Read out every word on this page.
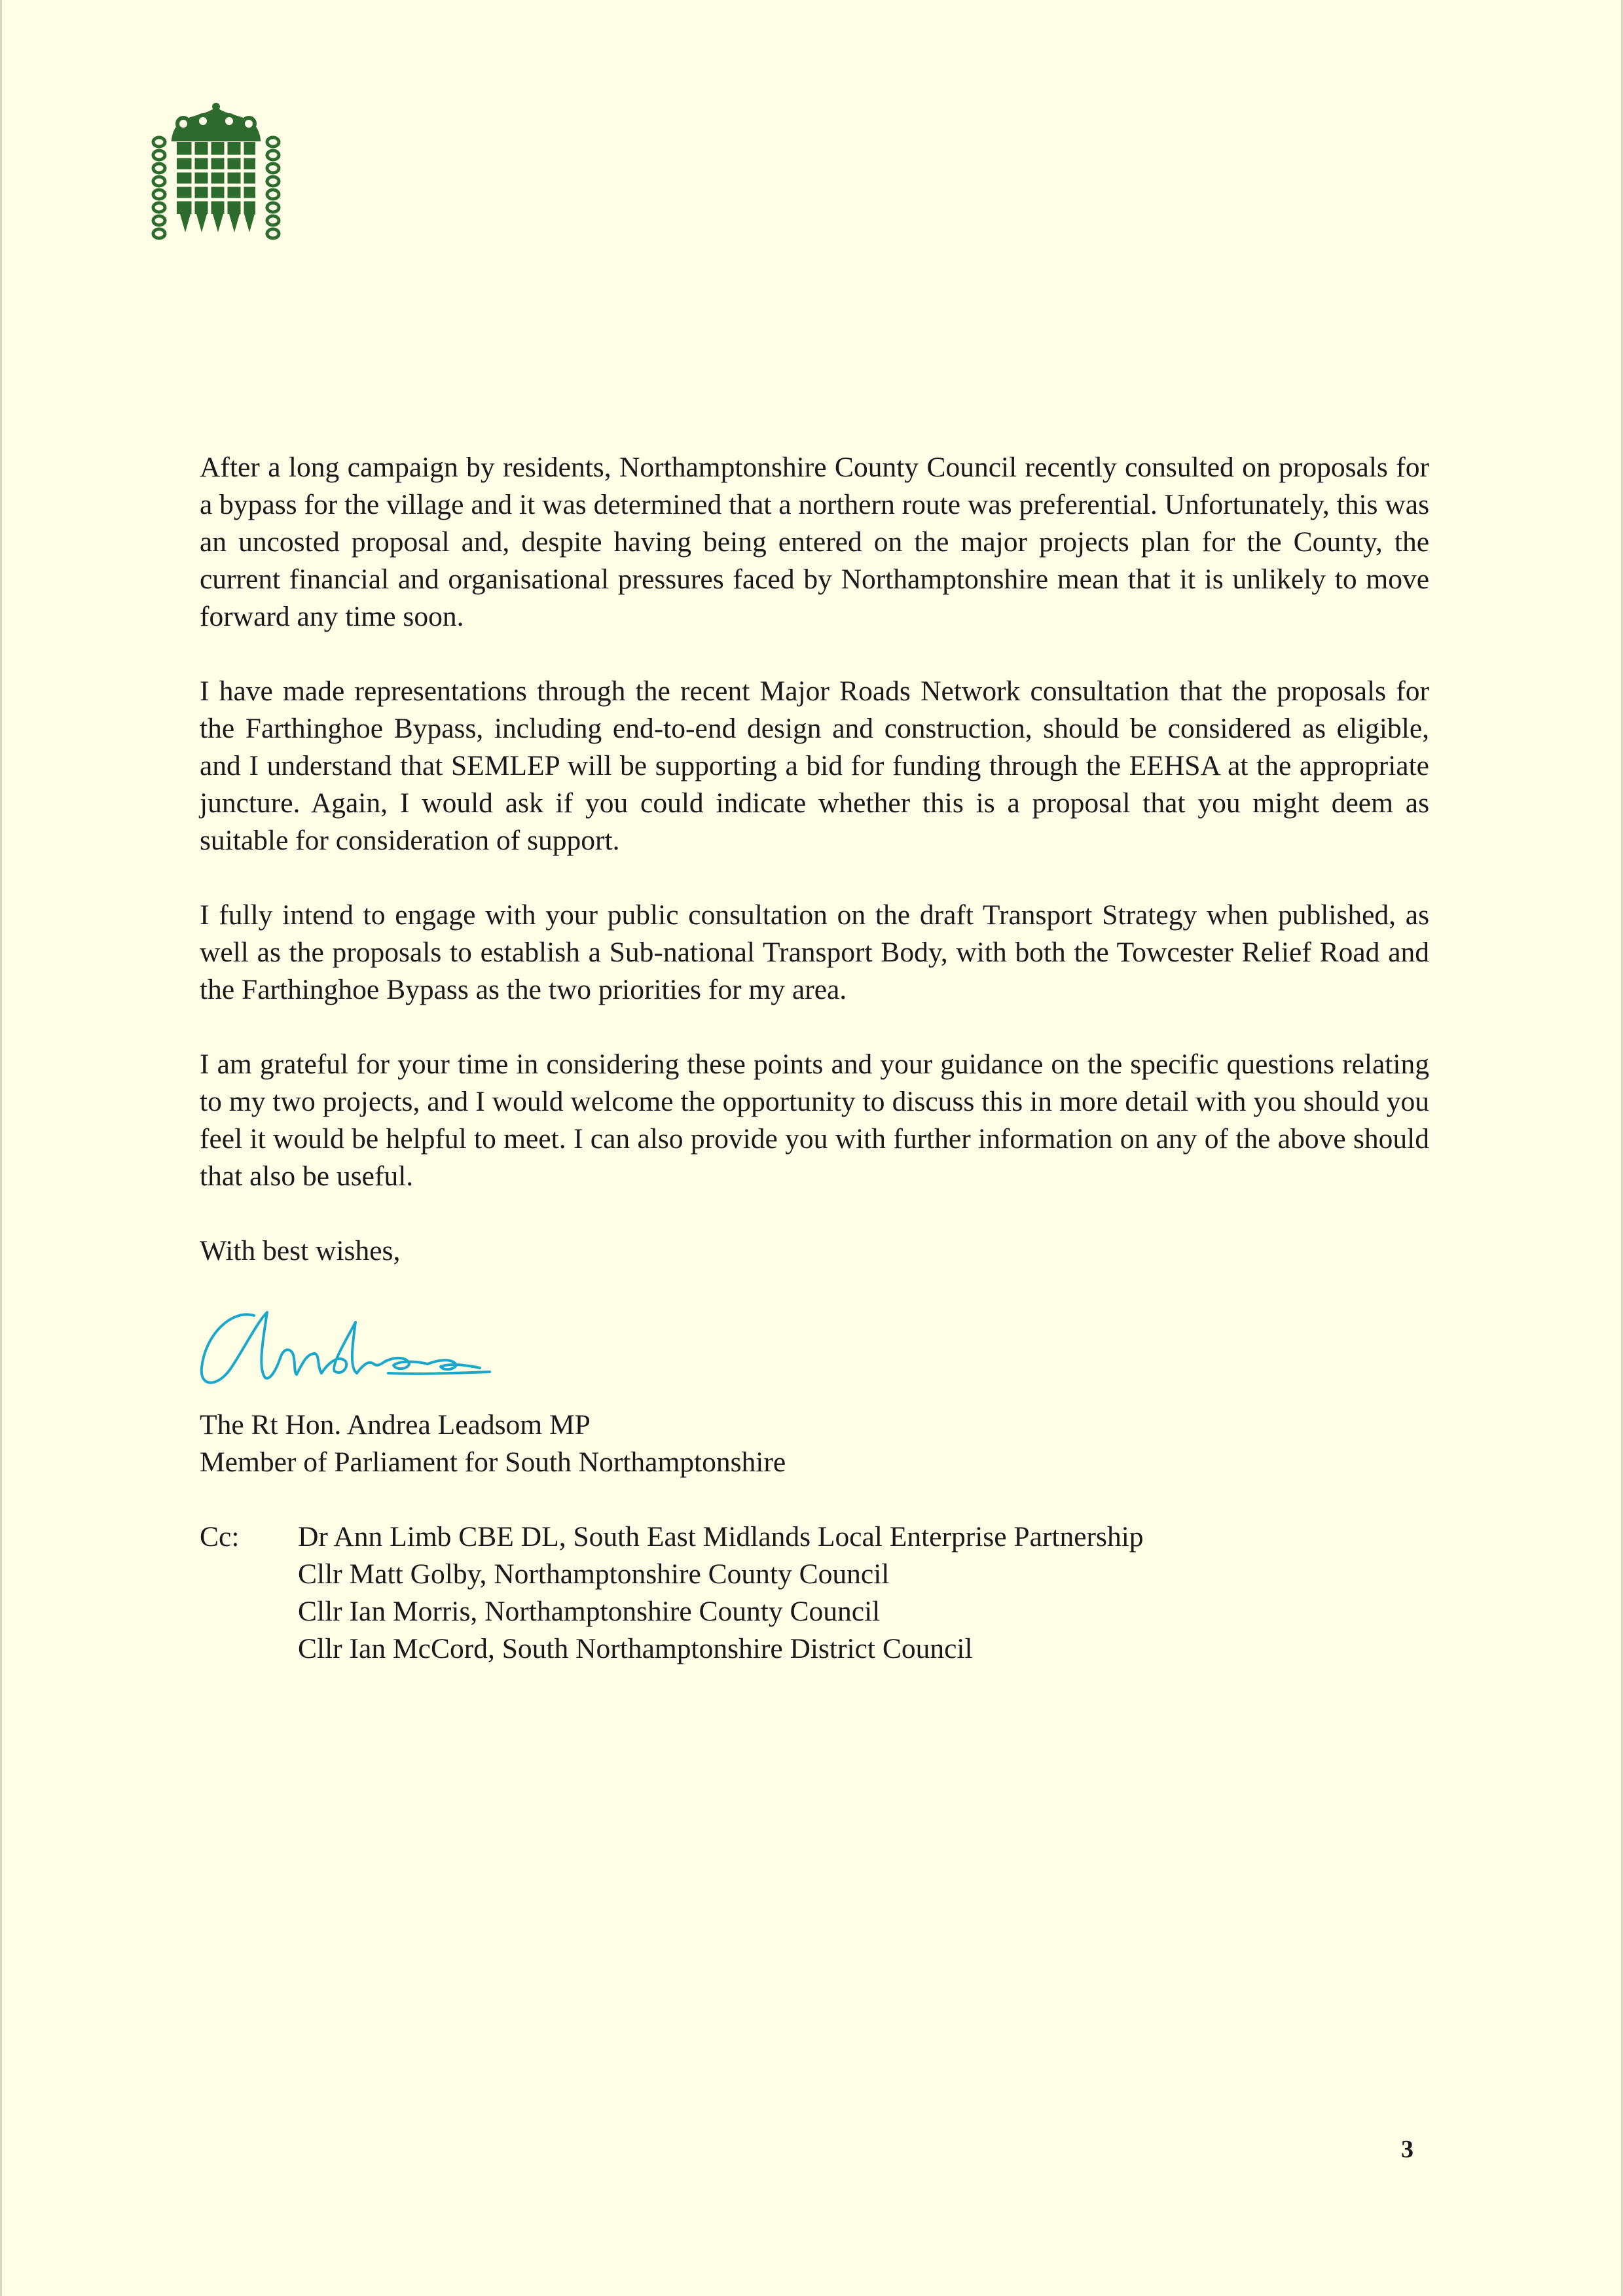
After a long campaign by residents, Northamptonshire County Council recently consulted on proposals for a bypass for the village and it was determined that a northern route was preferential. Unfortunately, this was an uncosted proposal and, despite having being entered on the major projects plan for the County, the current financial and organisational pressures faced by Northamptonshire mean that it is unlikely to move forward any time soon.

I have made representations through the recent Major Roads Network consultation that the proposals for the Farthinghoe Bypass, including end-to-end design and construction, should be considered as eligible, and I understand that SEMLEP will be supporting a bid for funding through the EEHSA at the appropriate juncture. Again, I would ask if you could indicate whether this is a proposal that you might deem as suitable for consideration of support.

I fully intend to engage with your public consultation on the draft Transport Strategy when published, as well as the proposals to establish a Sub-national Transport Body, with both the Towcester Relief Road and the Farthinghoe Bypass as the two priorities for my area.

I am grateful for your time in considering these points and your guidance on the specific questions relating to my two projects, and I would welcome the opportunity to discuss this in more detail with you should you feel it would be helpful to meet. I can also provide you with further information on any of the above should that also be useful.

With best wishes,

The Rt Hon. Andrea Leadsom MP
Member of Parliament for South Northamptonshire
Cc:	Dr Ann Limb CBE DL, South East Midlands Local Enterprise Partnership
Cllr Matt Golby, Northamptonshire County Council
Cllr Ian Morris, Northamptonshire County Council
Cllr Ian McCord, South Northamptonshire District Council
3
